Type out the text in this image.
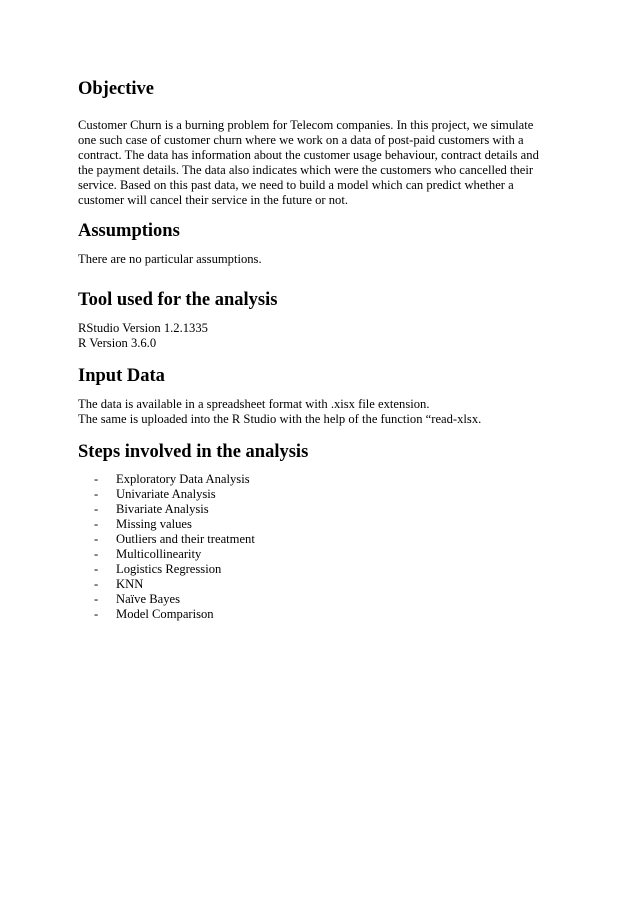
Objective

Customer Churn is a burning problem for Telecom companies. In this project, we simulate
one such case of customer churn where we work on a data of post-paid customers with a
contract. The data has information about the customer usage behaviour, contract details and
the payment details. The data also indicates which were the customers who cancelled their
service. Based on this past data, we need to build a model which can predict whether a
customer will cancel their service in the future or not.

Assumptions

There are no particular assumptions.

Tool used for the analysis

RStudio Version 1.2.1335
R Version 3.6.0

Input Data

The data is available in a spreadsheet format with .xisx file extension.
The same is uploaded into the R Studio with the help of the function “read-xlsx.

Steps involved in the analysis
- Exploratory Data Analysis
- Univariate Analysis
- Bivariate Analysis
- Missing values
- Outliers and their treatment
- Multicollinearity
- Logistics Regression
- KNN
- Naïve Bayes
- Model Comparison
